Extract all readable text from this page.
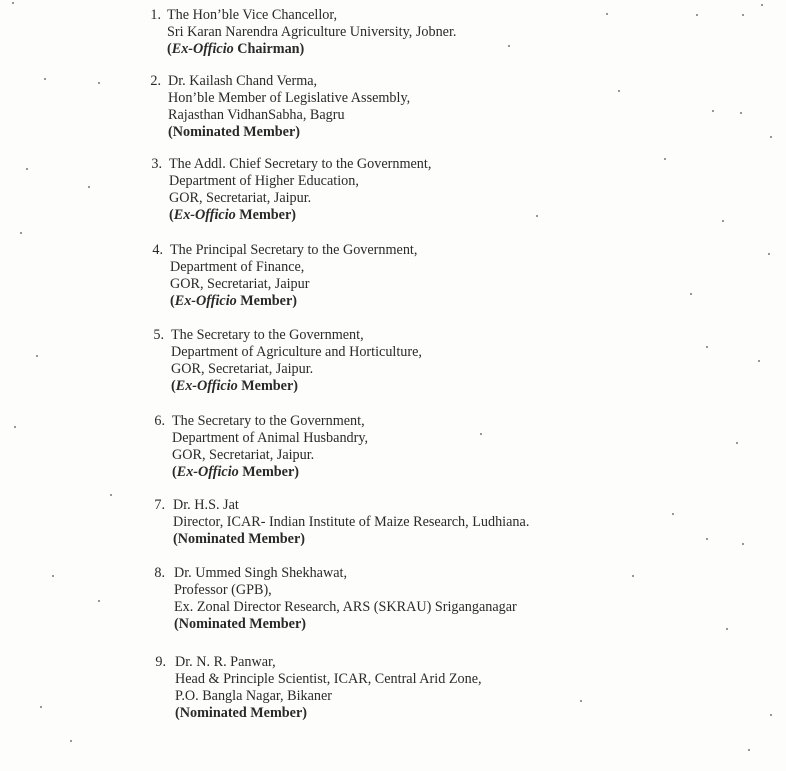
1. The Hon’ble Vice Chancellor,
Sri Karan Narendra Agriculture University, Jobner.
(Ex-Officio Chairman)
2. Dr. Kailash Chand Verma,
Hon’ble Member of Legislative Assembly,
Rajasthan VidhanSabha, Bagru
(Nominated Member)
3. The Addl. Chief Secretary to the Government,
Department of Higher Education,
GOR, Secretariat, Jaipur.
(Ex-Officio Member)
4. The Principal Secretary to the Government,
Department of Finance,
GOR, Secretariat, Jaipur
(Ex-Officio Member)
5. The Secretary to the Government,
Department of Agriculture and Horticulture,
GOR, Secretariat, Jaipur.
(Ex-Officio Member)
6. The Secretary to the Government,
Department of Animal Husbandry,
GOR, Secretariat, Jaipur.
(Ex-Officio Member)
7. Dr. H.S. Jat
Director, ICAR- Indian Institute of Maize Research, Ludhiana.
(Nominated Member)
8. Dr. Ummed Singh Shekhawat,
Professor (GPB),
Ex. Zonal Director Research, ARS (SKRAU) Sriganganagar
(Nominated Member)
9. Dr. N. R. Panwar,
Head & Principle Scientist, ICAR, Central Arid Zone,
P.O. Bangla Nagar, Bikaner
(Nominated Member)
